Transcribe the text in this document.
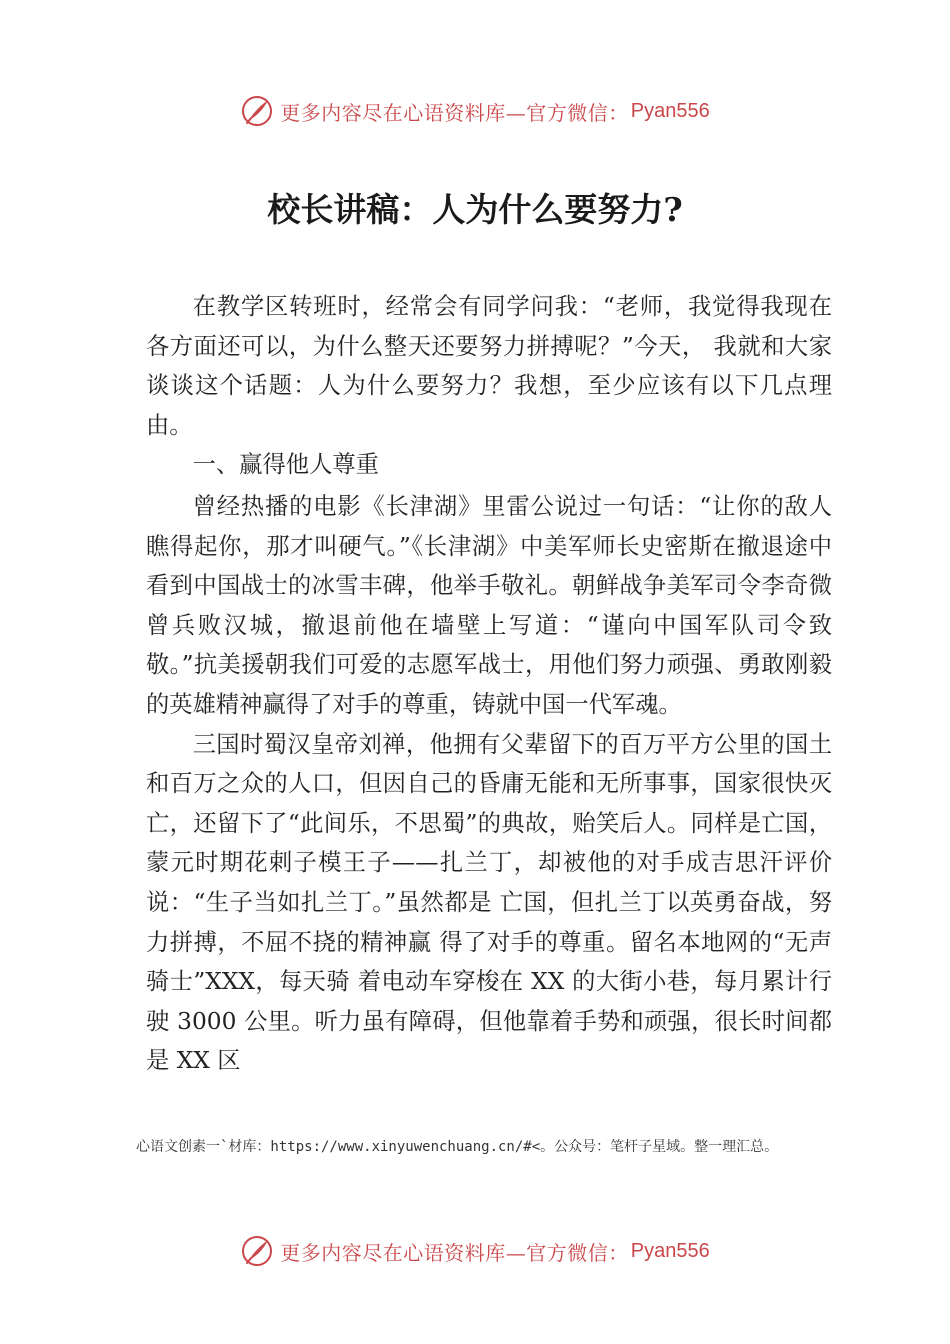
更多内容尽在心语资料库—官方微信： Pyan556
校长讲稿：人为什么要努力?

在教学区转班时，经常会有同学问我：“老师，我觉得我现在各方面还可以，为什么整天还要努力拼搏呢？”今天， 我就和大家谈谈这个话题：人为什么要努力？我想，至少应该有以下几点理由。

一、赢得他人尊重

曾经热播的电影《长津湖》里雷公说过一句话：“让你的敌人瞧得起你，那才叫硬气。”《长津湖》中美军师长史密斯在撤退途中看到中国战士的冰雪丰碑，他举手敬礼。朝鲜战争美军司令李奇微曾兵败汉城，撤退前他在墙壁上写道：“谨向中国军队司令致敬。”抗美援朝我们可爱的志愿军战士，用他们努力顽强、勇敢刚毅的英雄精神赢得了对手的尊重，铸就中国一代军魂。

三国时蜀汉皇帝刘禅，他拥有父辈留下的百万平方公里的国土和百万之众的人口，但因自己的昏庸无能和无所事事，国家很快灭亡，还留下了“此间乐，不思蜀”的典故，贻笑后人。同样是亡国，蒙元时期花剌子模王子——扎兰丁，却被他的对手成吉思汗评价说：“生子当如扎兰丁。”虽然都是 亡国，但扎兰丁以英勇奋战，努力拼搏，不屈不挠的精神赢 得了对手的尊重。留名本地网的“无声骑士”XXX，每天骑 着电动车穿梭在 XX 的大街小巷，每月累计行驶 3000 公里。听力虽有障碍，但他靠着手势和顽强，很长时间都是 XX 区

心语文创素一`材库：https://www.xinyuwenchuang.cn/#<。公众号：笔杆子星域。整一理汇总。
更多内容尽在心语资料库—官方微信： Pyan556
